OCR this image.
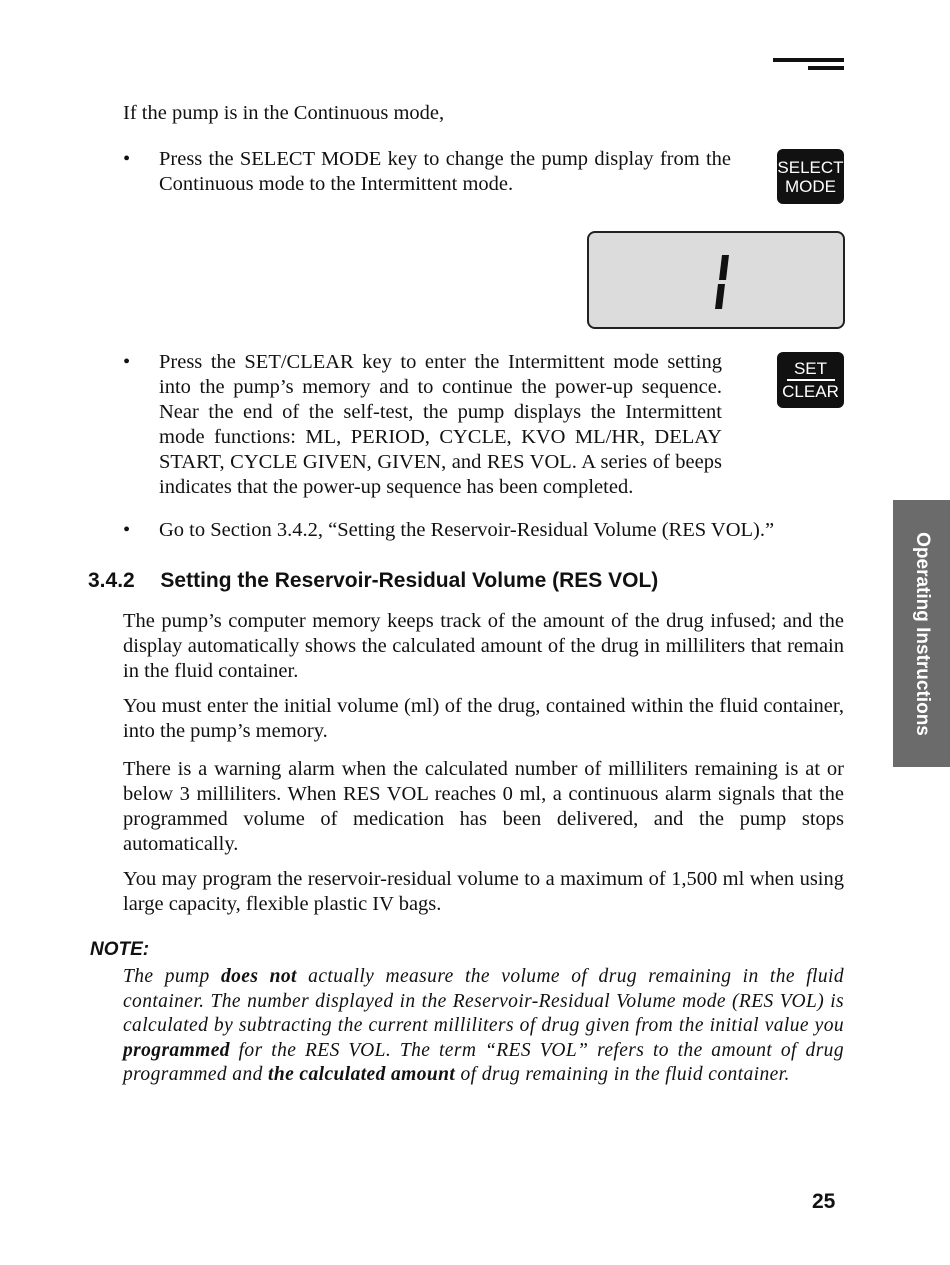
If the pump is in the Continuous mode,
•	Press the SELECT MODE key to change the pump display from the Continuous mode to the Intermittent mode.
SELECT
MODE
•	Press the SET/CLEAR key to enter the Intermittent mode setting into the pump’s memory and to continue the power-up sequence. Near the end of the self-test, the pump displays the Intermittent mode functions: ML, PERIOD, CYCLE, KVO ML/HR, DELAY START, CYCLE GIVEN, GIVEN, and RES VOL. A series of beeps indicates that the power-up sequence has been completed.
SET
CLEAR
•	Go to Section 3.4.2, “Setting the Reservoir-Residual Volume (RES VOL).”
3.4.2 Setting the Reservoir-Residual Volume (RES VOL)
The pump’s computer memory keeps track of the amount of the drug infused; and the display automatically shows the calculated amount of the drug in milliliters that remain in the fluid container.
You must enter the initial volume (ml) of the drug, contained within the fluid container, into the pump’s memory.
There is a warning alarm when the calculated number of milliliters remaining is at or below 3 milliliters. When RES VOL reaches 0 ml, a continuous alarm signals that the programmed volume of medication has been delivered, and the pump stops automatically.
You may program the reservoir-residual volume to a maximum of 1,500 ml when using large capacity, flexible plastic IV bags.
NOTE:
The pump does not actually measure the volume of drug remaining in the fluid container. The number displayed in the Reservoir-Residual Volume mode (RES VOL) is calculated by subtracting the current milliliters of drug given from the initial value you programmed for the RES VOL. The term “RES VOL” refers to the amount of drug programmed and the calculated amount of drug remaining in the fluid container.
Operating Instructions
25
